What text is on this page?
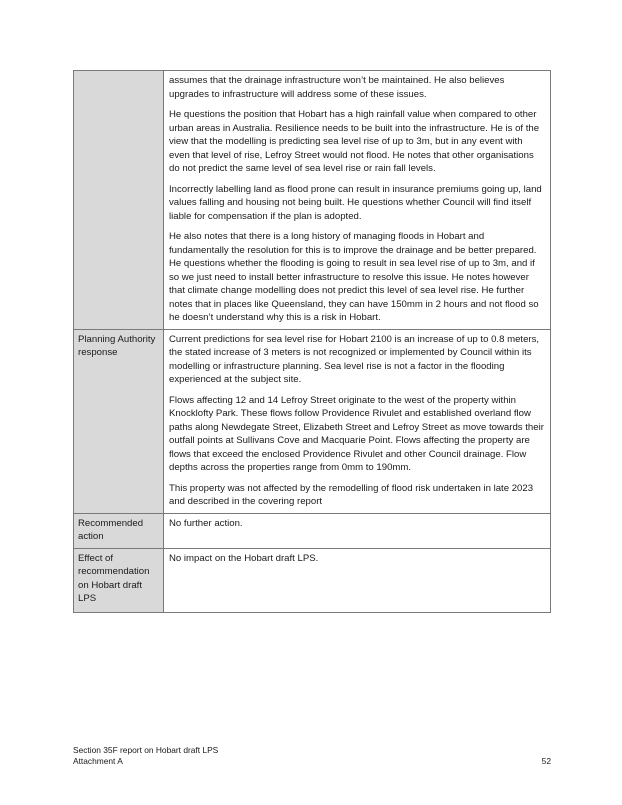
	assumes that the drainage infrastructure won’t be maintained. He also believes upgrades to infrastructure will address some of these issues.

He questions the position that Hobart has a high rainfall value when compared to other urban areas in Australia. Resilience needs to be built into the infrastructure. He is of the view that the modelling is predicting sea level rise of up to 3m, but in any event with even that level of rise, Lefroy Street would not flood. He notes that other organisations do not predict the same level of sea level rise or rain fall levels.

Incorrectly labelling land as flood prone can result in insurance premiums going up, land values falling and housing not being built. He questions whether Council will find itself liable for compensation if the plan is adopted.

He also notes that there is a long history of managing floods in Hobart and fundamentally the resolution for this is to improve the drainage and be better prepared. He questions whether the flooding is going to result in sea level rise of up to 3m, and if so we just need to install better infrastructure to resolve this issue. He notes however that climate change modelling does not predict this level of sea level rise. He further notes that in places like Queensland, they can have 150mm in 2 hours and not flood so he doesn’t understand why this is a risk in Hobart.

Planning Authority response	Current predictions for sea level rise for Hobart 2100 is an increase of up to 0.8 meters, the stated increase of 3 meters is not recognized or implemented by Council within its modelling or infrastructure planning. Sea level rise is not a factor in the flooding experienced at the subject site.

Flows affecting 12 and 14 Lefroy Street originate to the west of the property within Knocklofty Park. These flows follow Providence Rivulet and established overland flow paths along Newdegate Street, Elizabeth Street and Lefroy Street as move towards their outfall points at Sullivans Cove and Macquarie Point. Flows affecting the property are flows that exceed the enclosed Providence Rivulet and other Council drainage. Flow depths across the properties range from 0mm to 190mm.

This property was not affected by the remodelling of flood risk undertaken in late 2023 and described in the covering report

Recommended action	No further action.

Effect of recommendation on Hobart draft LPS	No impact on the Hobart draft LPS.

Section 35F report on Hobart draft LPS
Attachment A	52
